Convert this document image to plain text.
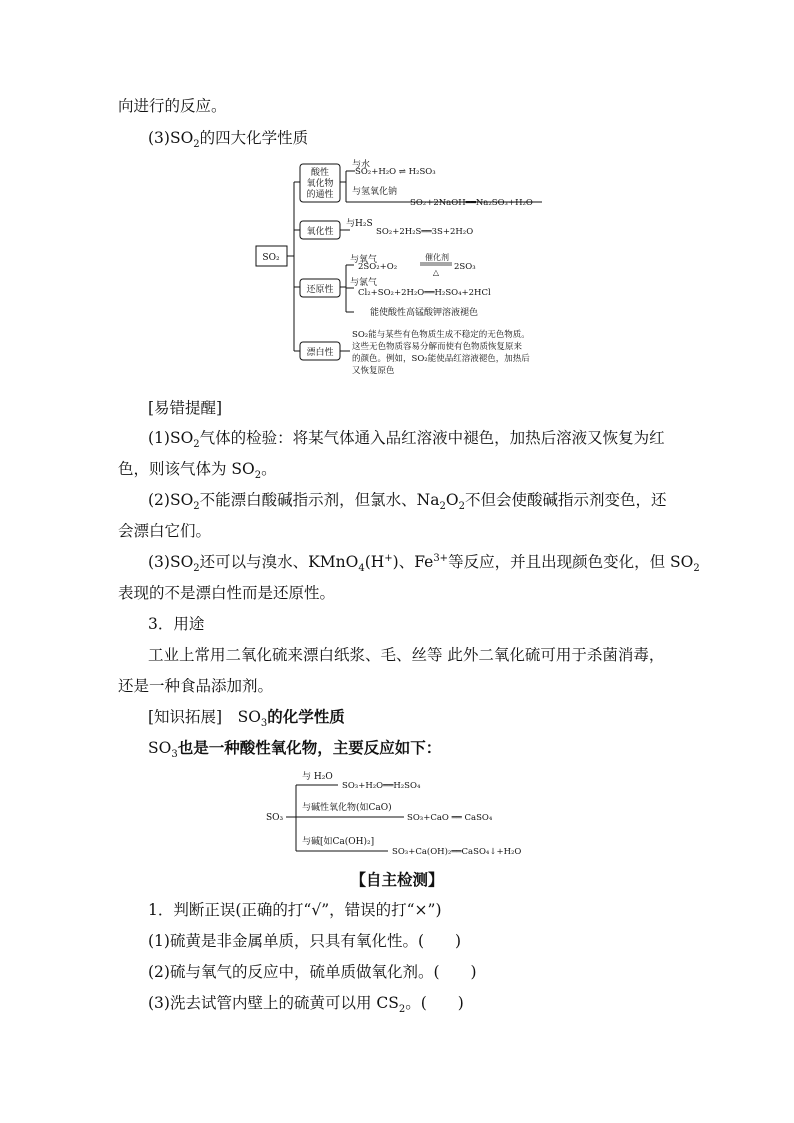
向进行的反应。
$(3)SO_2$的四大化学性质
SO₂
酸性
氧化物
的通性
与水
SO₂+H₂O ⇌ H₂SO₃
与氢氧化钠
SO₂+2NaOH══Na₂SO₃+H₂O
氧化性
与H₂S
SO₂+2H₂S══3S+2H₂O
还原性
与氧气
2SO₂+O₂
催化剂
△
2SO₃
与氯气
Cl₂+SO₂+2H₂O══H₂SO₄+2HCl
能使酸性高锰酸钾溶液褪色
漂白性
SO₂能与某些有色物质生成不稳定的无色物质。
这些无色物质容易分解而使有色物质恢复原来
的颜色。例如，SO₂能使品红溶液褪色，加热后
又恢复原色
[易错提醒]
$(1)SO_2$气体的检验：将某气体通入品红溶液中褪色，加热后溶液又恢复为红
色，则该气体为 $SO_2$。
$(2)SO_2$不能漂白酸碱指示剂，但氯水、$Na_2O_2$不但会使酸碱指示剂变色，还
会漂白它们。
$(3)SO_2$还可以与溴水、KMnO$_4$(H+)、$Fe^{3+}$等反应，并且出现颜色变化，但 $SO_2$
表现的不是漂白性而是还原性。
3．用途
工业上常用二氧化硫来漂白纸浆、毛、丝等 此外二氧化硫可用于杀菌消毒，
还是一种食品添加剂。
[知识拓展]　$SO_3$的化学性质
$SO_3$也是一种酸性氧化物，主要反应如下：
SO₃
与 H₂O
SO₃+H₂O══H₂SO₄
与碱性氧化物(如CaO)
SO₃+CaO ══ CaSO₄
与碱[如Ca(OH)₂]
SO₃+Ca(OH)₂══CaSO₄↓+H₂O
【自主检测】
1．判断正误(正确的打“√”，错误的打“×”)
(1)硫黄是非金属单质，只具有氧化性。(　　)
(2)硫与氧气的反应中，硫单质做氧化剂。(　　)
(3)洗去试管内壁上的硫黄可以用 $CS_2$。(　　)
